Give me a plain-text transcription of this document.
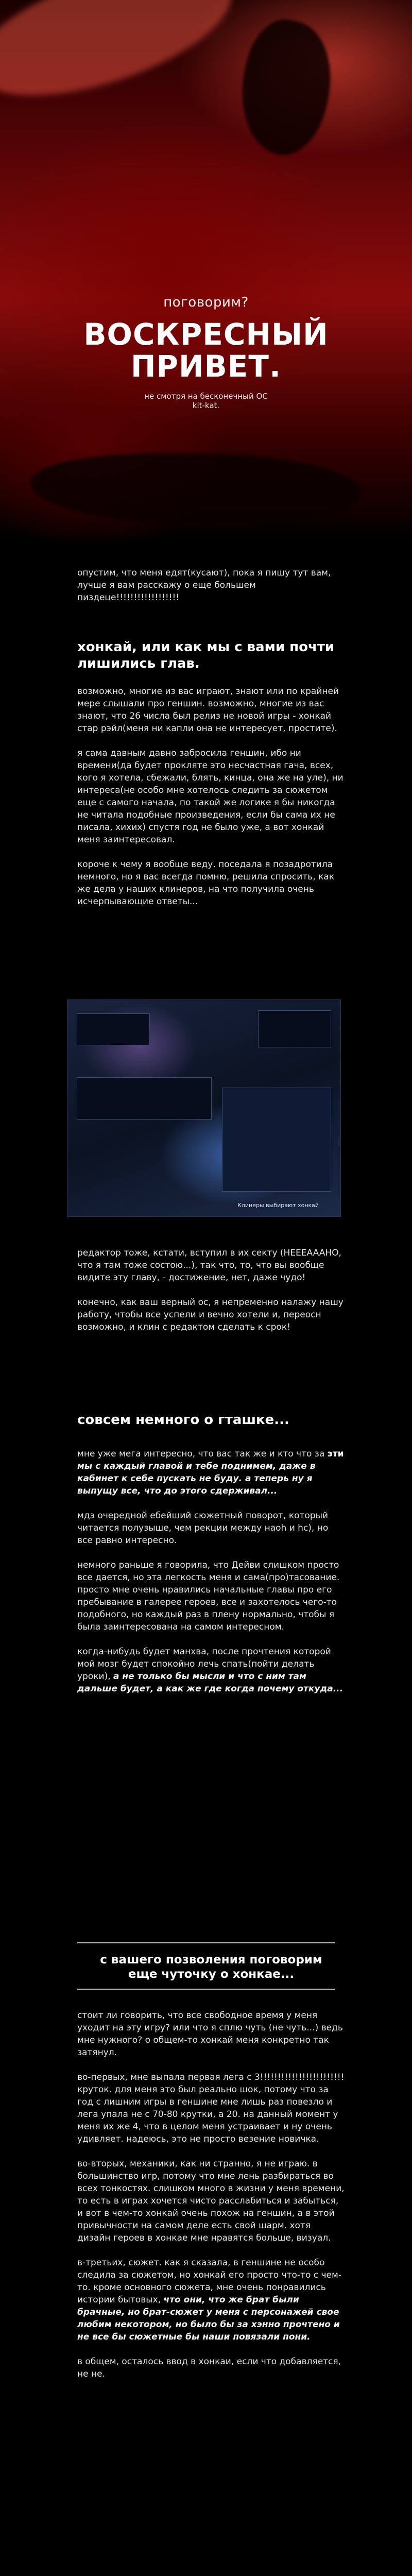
поговорим?
ВОСКРЕСНЫЙ
ПРИВЕТ.
не смотря на бесконечный ОС
kit-kat.

опустим, что меня едят(кусают), пока я пишу тут вам, лучше я вам расскажу о еще большем пиздеце!!!!!!!!!!!!!!!!!!

хонкай, или как мы с вами почти лишились глав.

возможно, многие из вас играют, знают или по крайней мере слышали про геншин. возможно, многие из вас знают, что 26 числа был релиз не новой игры - хонкай стар рэйл(меня ни капли она не интересует, простите).

я сама давным давно забросила геншин, ибо ни времени(да будет прокляте это несчастная гача, всех, кого я хотела, сбежали, блять, кинца, она же на уле), ни интереса(не особо мне хотелось следить за сюжетом еще с самого начала, по такой же логике я бы никогда не читала подобные произведения, если бы сама их не писала, хихих) спустя год не было уже, а вот хонкай меня заинтересовал.

короче к чему я вообще веду. поседала я позадротила немного, но я вас всегда помню, решила спросить, как же дела у наших клинеров, на что получила очень исчерпывающие ответы...

Клинеры выбирают хонкай

редактор тоже, кстати, вступил в их секту (HEEEAAAHO, что я там тоже состою...), так что, то, что вы вообще видите эту главу, - достижение, нет, даже чудо!

конечно, как ваш верный ос, я непременно налажу нашу работу, чтобы все успели и вечно хотели и, переосн возможно, и клин с редактом сделать к срок!

совсем немного о гташке...

мне уже мега интересно, что вас так же и кто что за эти мы с каждый главой и тебе поднимем, даже в кабинет к себе пускать не буду. а теперь ну я выпущу все, что до этого сдерживал...

мдэ очередной ебейший сюжетный поворот, который читается полузыше, чем рекции между наоh и hc), но все равно интересно.

немного раньше я говорила, что Дейви слишком просто все дается, но эта легкость меня и сама(про)тасование. просто мне очень нравились начальные главы про его пребывание в галерее героев, все и захотелось чего-то подобного, но каждый раз в плену нормально, чтобы я была заинтересована на самом интересном.

когда-нибудь будет манхва, после прочтения которой мой мозг будет спокойно лечь спать(пойти делать уроки), а не только бы мысли и что с ним там дальше будет, а как же где когда почему откуда...

с вашего позволения поговорим
еще чуточку о хонкае...

стоит ли говорить, что все свободное время у меня уходит на эту игру? или что я сплю чуть (не чуть...) ведь мне нужного? о общем-то хонкай меня конкретно так затянул.

во-первых, мне выпала первая лега с 3!!!!!!!!!!!!!!!!!!!!!!!! круток. для меня это был реально шок, потому что за год с лишним игры в геншине мне лишь раз повезло и лега упала не с 70-80 крутки, а 20. на данный момент у меня их же 4, что в целом меня устраивает и ну очень удивляет. надеюсь, это не просто везение новичка.

во-вторых, механики, как ни странно, я не играю. в большинство игр, потому что мне лень разбираться во всех тонкостях. слишком много в жизни у меня времени, то есть в играх хочется чисто расслабиться и забыться, и вот в чем-то хонкай очень похож на геншин, а в этой привычности на самом деле есть свой шарм. хотя дизайн героев в хонкае мне нравятся больше, визуал.

в-третьих, сюжет. как я сказала, в геншине не особо следила за сюжетом, но хонкай его просто что-то с чем-то. кроме основного сюжета, мне очень понравились истории бытовых, что они, что же брат были брачные, но брат-сюжет у меня с персонажей свое любим некотором, но было бы за хэнно прочтено и не все бы сюжетные бы наши повязали пони.

в общем, осталось ввод в хонкаи, если что добавляется, не не.
